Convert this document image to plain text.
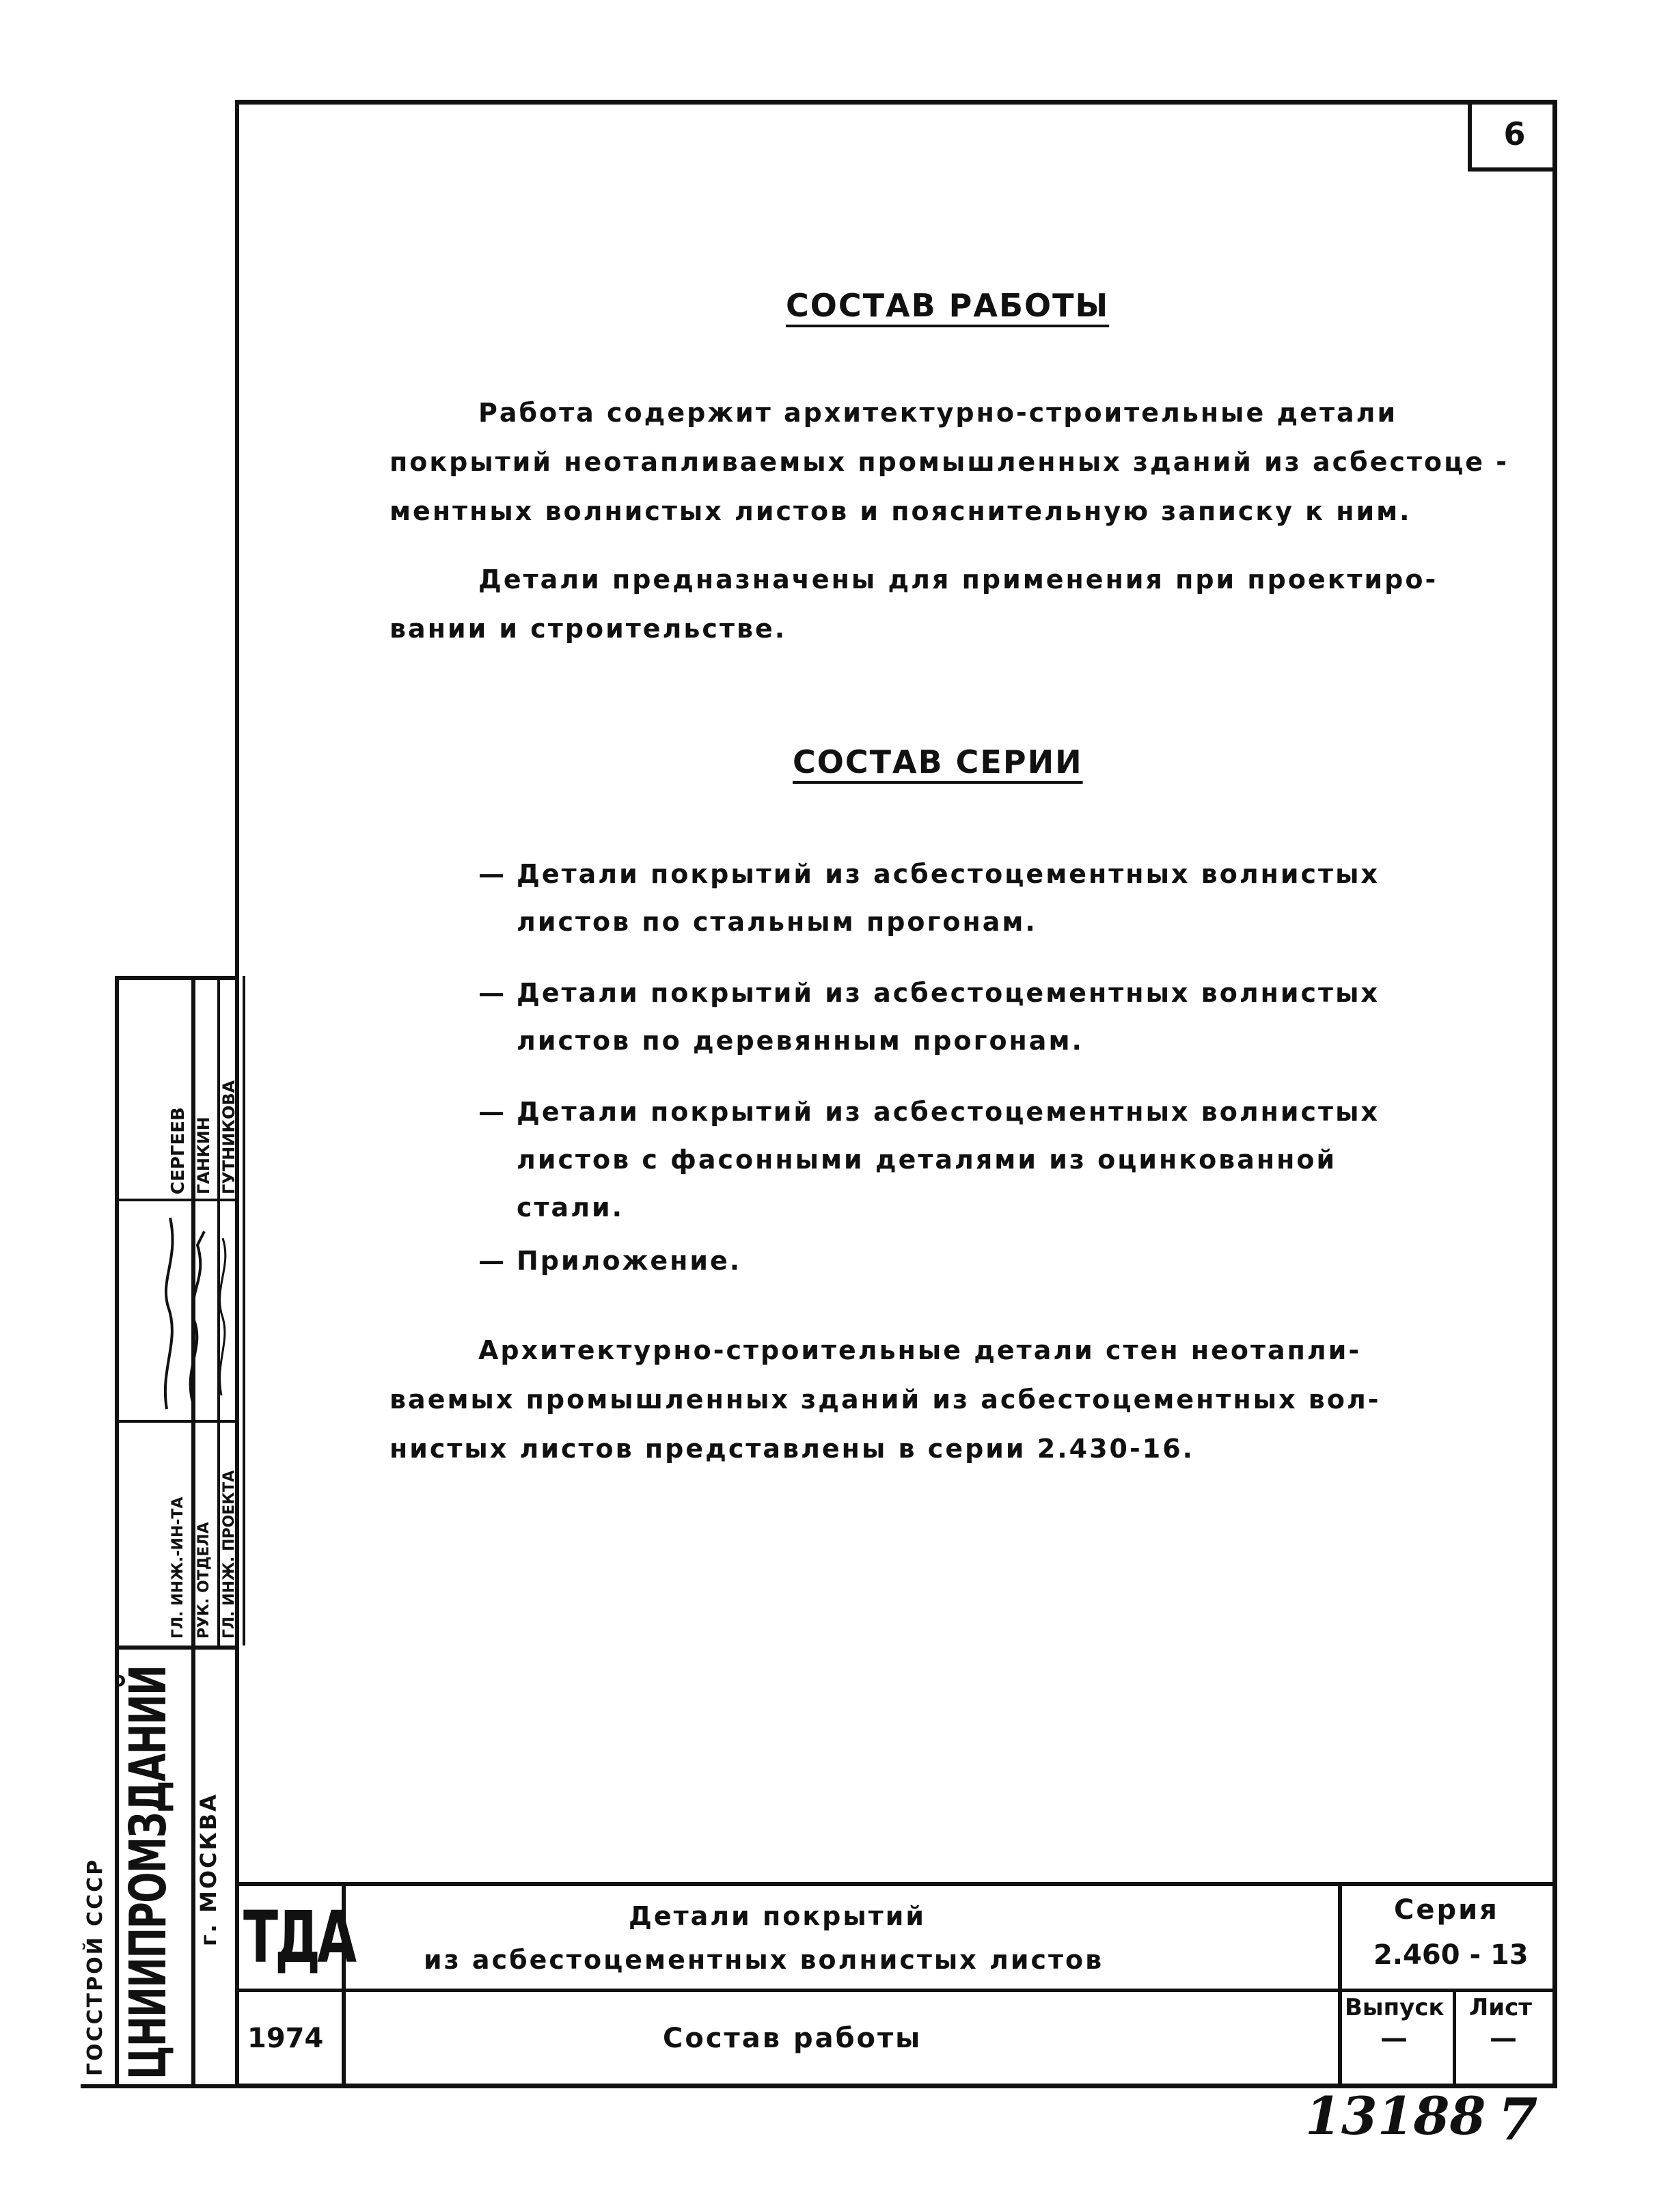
6
СОСТАВ РАБОТЫ
Работа содержит архитектурно-строительные детали
покрытий неотапливаемых промышленных зданий из асбестоце -
ментных волнистых листов и пояснительную записку к ним.
Детали предназначены для применения при проектиро-
вании и строительстве.
СОСТАВ СЕРИИ
— Детали покрытий из асбестоцементных волнистых
листов по стальным прогонам.
— Детали покрытий из асбестоцементных волнистых
листов по деревянным прогонам.
— Детали покрытий из асбестоцементных волнистых
листов с фасонными деталями из оцинкованной
стали.
— Приложение.
Архитектурно-строительные детали стен неотапли-
ваемых промышленных зданий из асбестоцементных вол-
нистых листов представлены в серии 2.430-16.
ГОССТРОЙ СССР ЦНИИПРОМЗДАНИЙ г. МОСКВА
ГЛ. ИНЖ.-ИН-ТА РУК. ОТДЕЛА ГЛ. ИНЖ. ПРОЕКТА
СЕРГЕЕВ ГАНКИН ГУТНИКОВА
ТДА
1974
Детали покрытий
из асбестоцементных волнистых листов
Состав работы
Серия
2.460 - 13
Выпуск
—
Лист
—
13188 7
